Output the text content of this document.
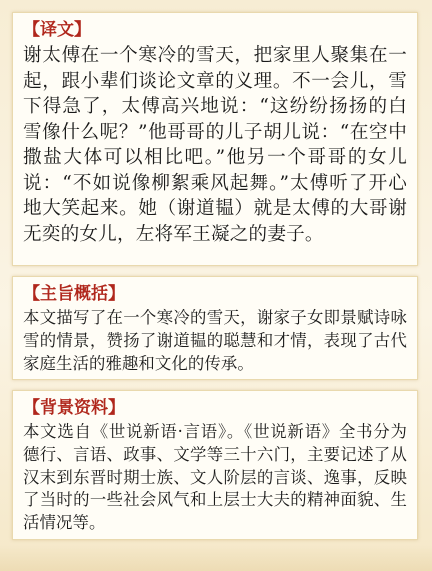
【译文】

谢太傅在一个寒冷的雪天，把家里人聚集在一起，跟小辈们谈论文章的义理。不一会儿，雪下得急了，太傅高兴地说：“这纷纷扬扬的白雪像什么呢？”他哥哥的儿子胡儿说：“在空中撒盐大体可以相比吧。”他另一个哥哥的女儿说：“不如说像柳絮乘风起舞。”太傅听了开心地大笑起来。她（谢道韫）就是太傅的大哥谢无奕的女儿，左将军王凝之的妻子。

【主旨概括】

本文描写了在一个寒冷的雪天，谢家子女即景赋诗咏雪的情景，赞扬了谢道韫的聪慧和才情，表现了古代家庭生活的雅趣和文化的传承。

【背景资料】

本文选自《世说新语·言语》。《世说新语》全书分为德行、言语、政事、文学等三十六门，主要记述了从汉末到东晋时期士族、文人阶层的言谈、逸事，反映了当时的一些社会风气和上层士大夫的精神面貌、生活情况等。
